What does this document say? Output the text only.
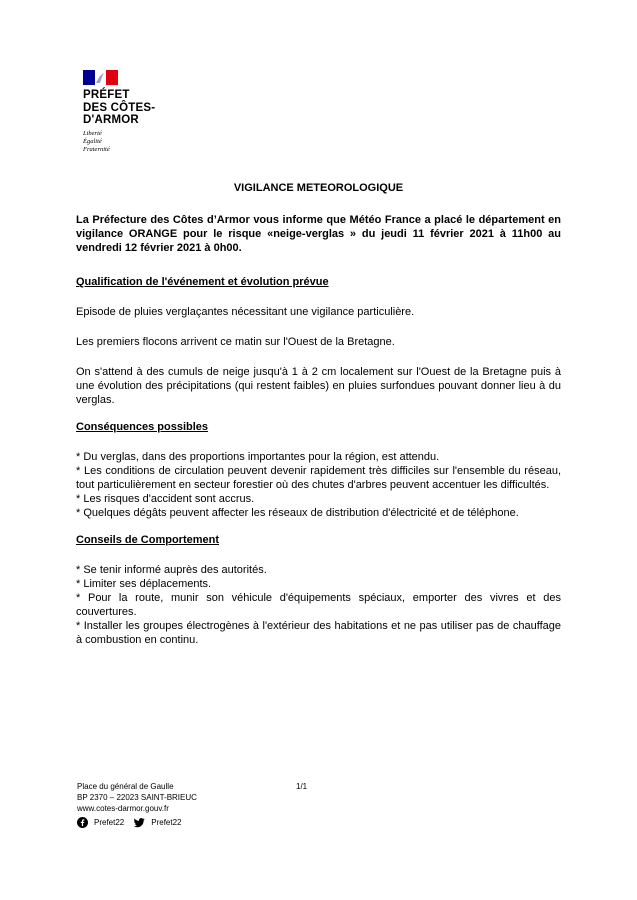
PRÉFET
DES CÔTES-
D'ARMOR
Liberté
Égalité
Fraternité

VIGILANCE METEOROLOGIQUE

La Préfecture des Côtes d’Armor vous informe que Météo France a placé le département en vigilance ORANGE pour le risque «neige-verglas » du jeudi 11 février 2021 à 11h00 au vendredi 12 février 2021 à 0h00.

Qualification de l'événement et évolution prévue

Episode de pluies verglaçantes nécessitant une vigilance particulière.

Les premiers flocons arrivent ce matin sur l'Ouest de la Bretagne.

On s'attend à des cumuls de neige jusqu'à 1 à 2 cm localement sur l'Ouest de la Bretagne puis à une évolution des précipitations (qui restent faibles) en pluies surfondues pouvant donner lieu à du verglas.

Conséquences possibles

* Du verglas, dans des proportions importantes pour la région, est attendu.

* Les conditions de circulation peuvent devenir rapidement très difficiles sur l'ensemble du réseau, tout particulièrement en secteur forestier où des chutes d'arbres peuvent accentuer les difficultés.

* Les risques d'accident sont accrus.

* Quelques dégâts peuvent affecter les réseaux de distribution d'électricité et de téléphone.

Conseils de Comportement

* Se tenir informé auprès des autorités.

* Limiter ses déplacements.

* Pour la route, munir son véhicule d'équipements spéciaux, emporter des vivres et des couvertures.

* Installer les groupes électrogènes à l'extérieur des habitations et ne pas utiliser pas de chauffage à combustion en continu.

Place du général de Gaulle
BP 2370 – 22023 SAINT-BRIEUC
www.cotes-darmor.gouv.fr
Prefet22	Prefet22
1/1
